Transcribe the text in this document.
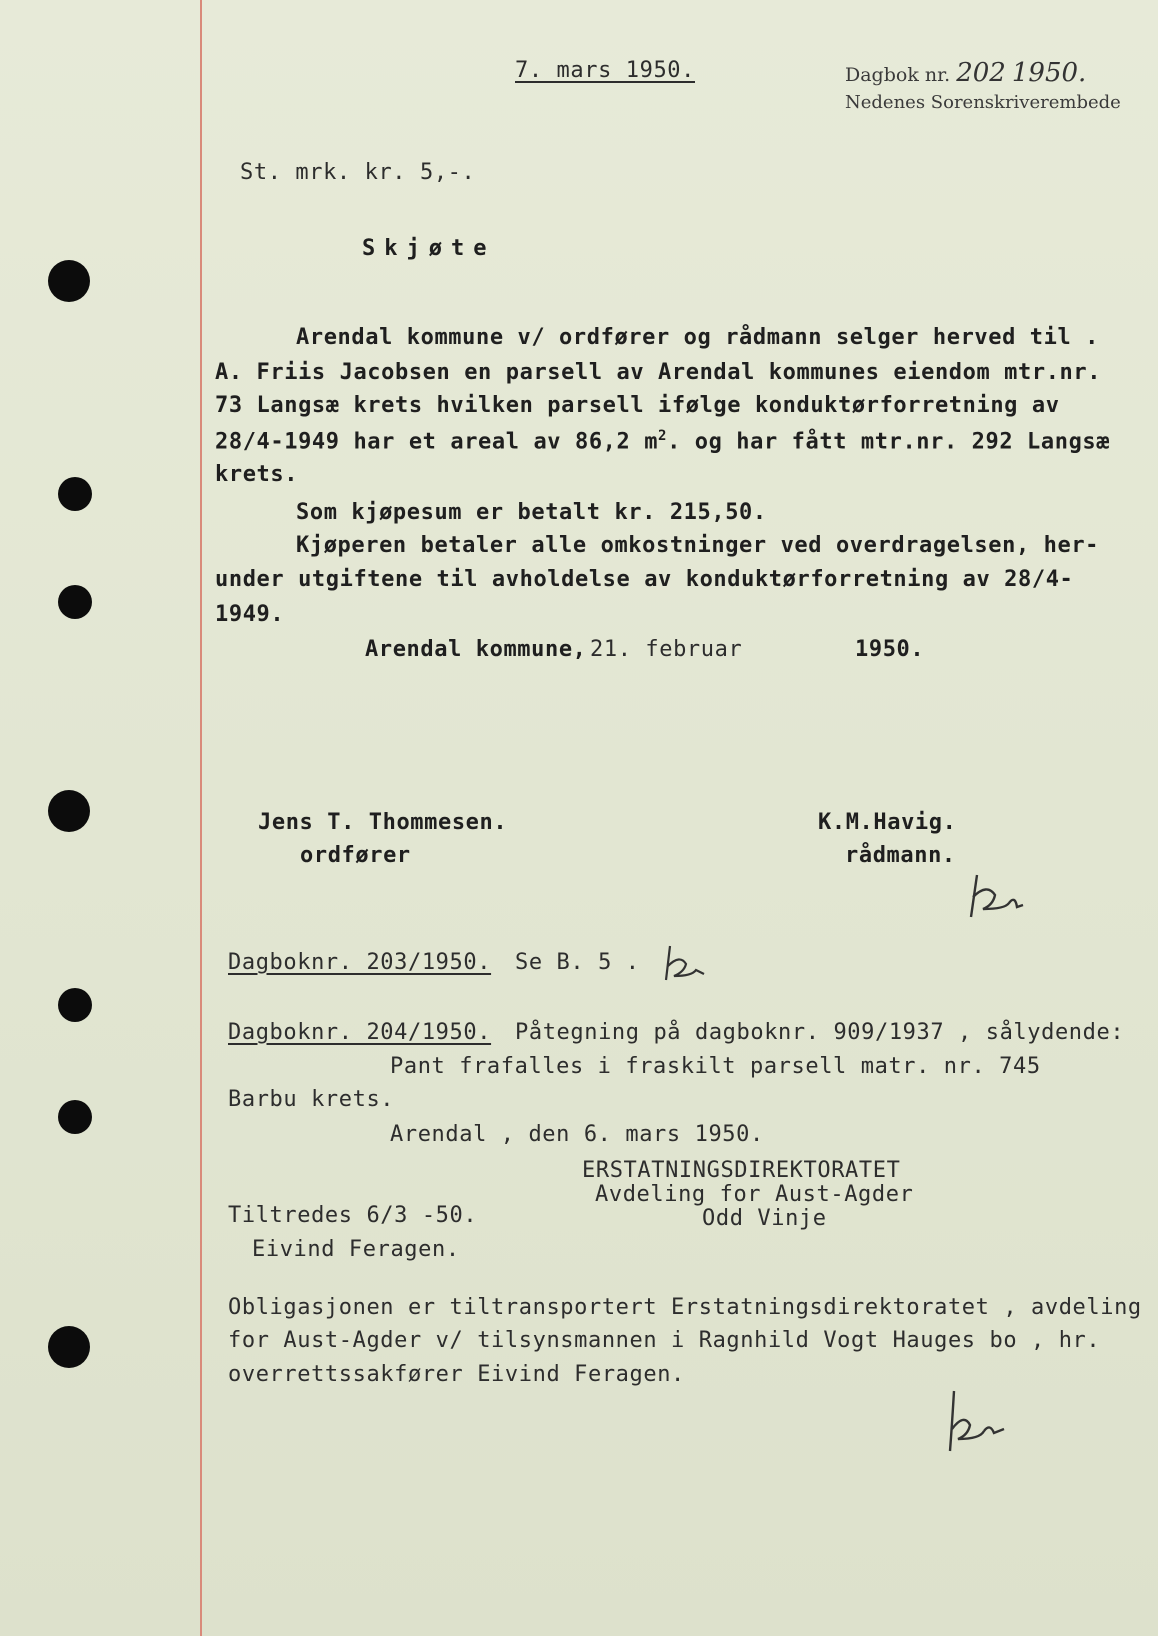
7. mars 1950.	Dagbok nr. 202 1950.
Nedenes Sorenskriverembede
St. mrk. kr. 5,-.
Skjøte
Arendal kommune v/ ordfører og rådmann selger herved til .
A. Friis Jacobsen en parsell av Arendal kommunes eiendom mtr.nr.
73 Langsæ krets hvilken parsell ifølge konduktørforretning av
28/4-1949 har et areal av 86,2 $m^2$. og har fått mtr.nr. 292 Langsæ
krets.
Som kjøpesum er betalt kr. 215,50.
Kjøperen betaler alle omkostninger ved overdragelsen, her-
under utgiftene til avholdelse av konduktørforretning av 28/4-
1949.
Arendal kommune, 21. februar	1950.
Jens T. Thommesen.
ordfører
K.M.Havig.
rådmann.
Dagboknr. 203/1950. Se B. 5 .
Dagboknr. 204/1950. Påtegning på dagboknr. 909/1937 , sålydende:
Pant frafalles i fraskilt parsell matr. nr. 745
Barbu krets.
Arendal , den 6. mars 1950.
ERSTATNINGSDIREKTORATET
Avdeling for Aust-Agder
Odd Vinje
Tiltredes 6/3 -50.
Eivind Feragen.
Obligasjonen er tiltransportert Erstatningsdirektoratet , avdeling
for Aust-Agder v/ tilsynsmannen i Ragnhild Vogt Hauges bo , hr.
overrettssakfører Eivind Feragen.
